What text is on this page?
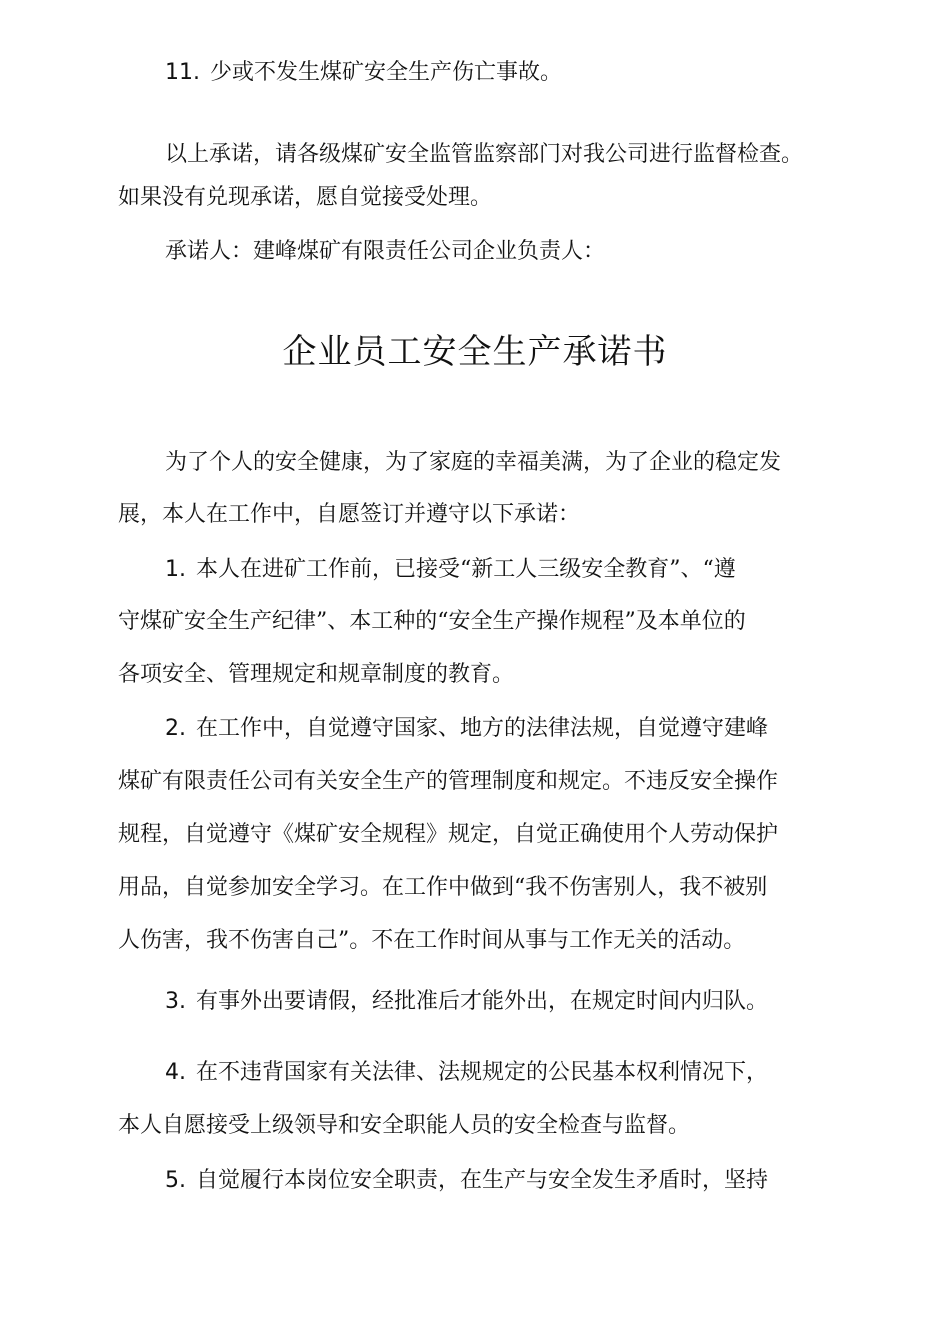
11. 少或不发生煤矿安全生产伤亡事故。
以上承诺，请各级煤矿安全监管监察部门对我公司进行监督检查。
如果没有兑现承诺，愿自觉接受处理。
承诺人：建峰煤矿有限责任公司企业负责人：
企业员工安全生产承诺书
为了个人的安全健康，为了家庭的幸福美满，为了企业的稳定发
展，本人在工作中，自愿签订并遵守以下承诺：
1. 本人在进矿工作前，已接受“新工人三级安全教育”、“遵
守煤矿安全生产纪律”、本工种的“安全生产操作规程”及本单位的
各项安全、管理规定和规章制度的教育。
2. 在工作中，自觉遵守国家、地方的法律法规，自觉遵守建峰
煤矿有限责任公司有关安全生产的管理制度和规定。不违反安全操作
规程，自觉遵守《煤矿安全规程》规定，自觉正确使用个人劳动保护
用品，自觉参加安全学习。在工作中做到“我不伤害别人，我不被别
人伤害，我不伤害自己”。不在工作时间从事与工作无关的活动。
3. 有事外出要请假，经批准后才能外出，在规定时间内归队。
4. 在不违背国家有关法律、法规规定的公民基本权利情况下，
本人自愿接受上级领导和安全职能人员的安全检查与监督。
5. 自觉履行本岗位安全职责，在生产与安全发生矛盾时，坚持
